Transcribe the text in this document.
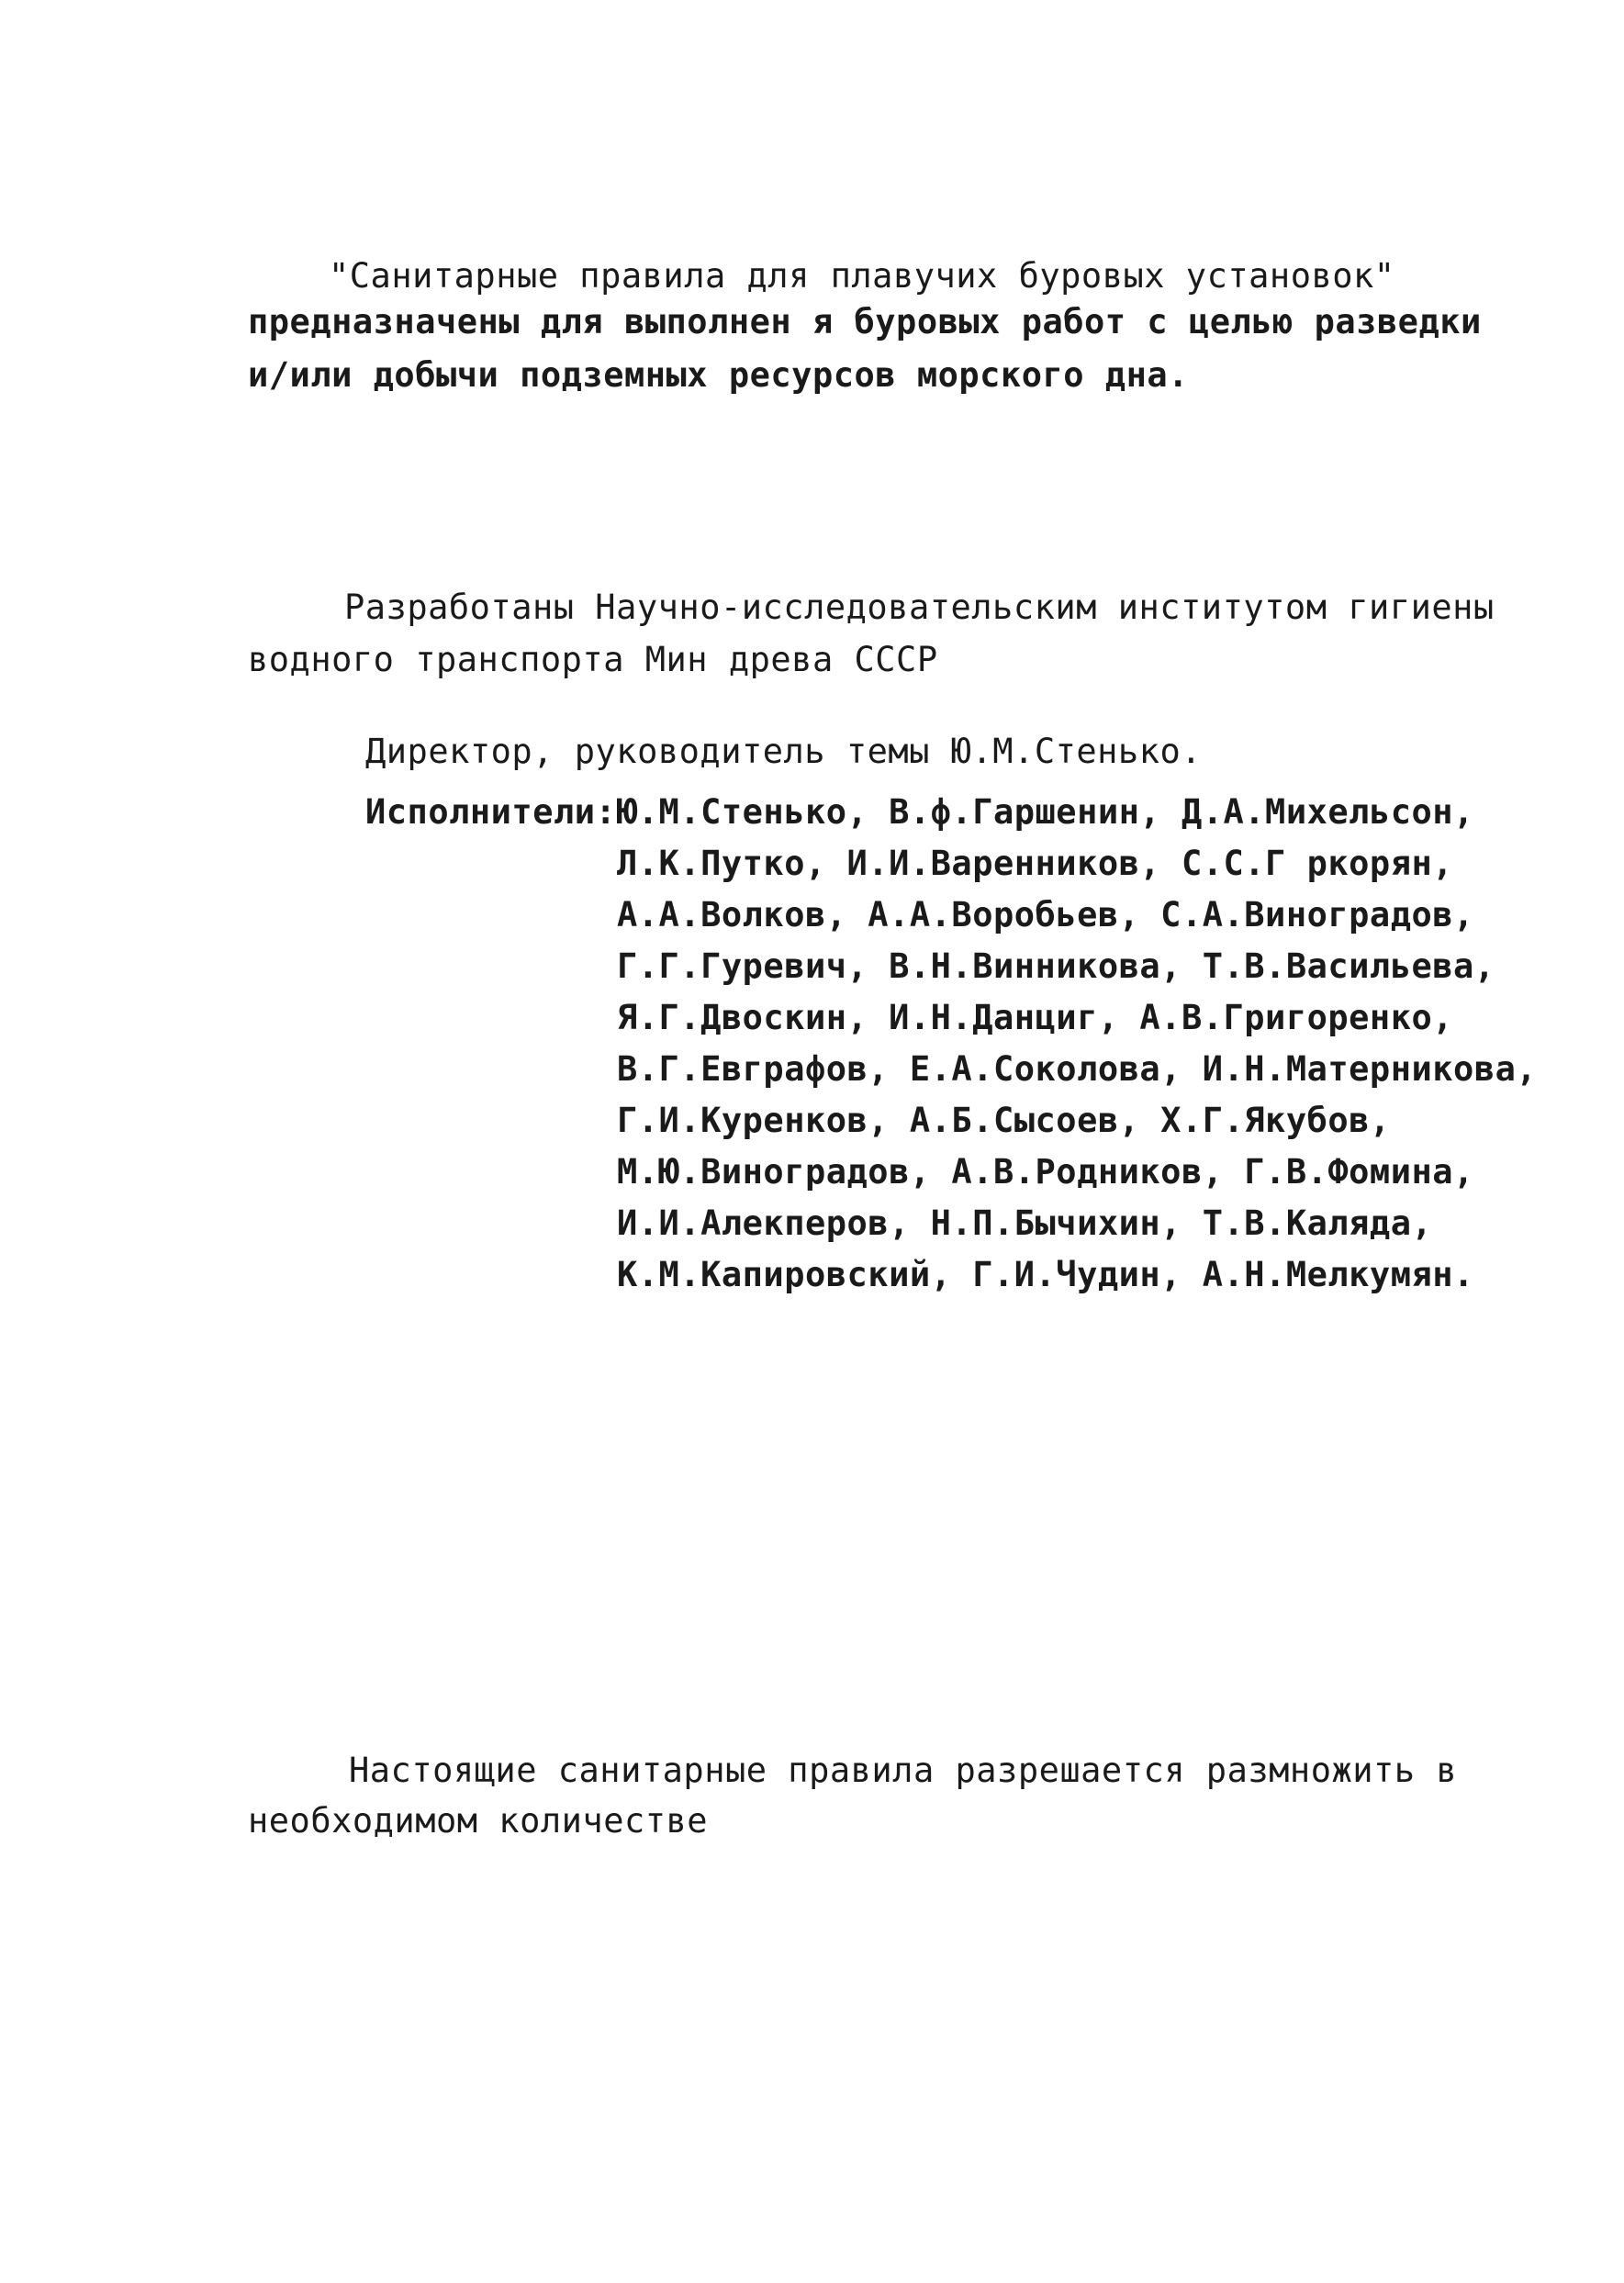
"Санитарные правила для плавучих буровых установок"
предназначены для выполнен я буровых работ с целью разведки
и/или добычи подземных ресурсов морского дна.
Разработаны Научно-исследовательским институтом гигиены
водного транспорта Мин древа СССР
Директор, руководитель темы Ю.М.Стенько.
Исполнители: Ю.М.Стенько, В.ф.Гаршенин, Д.А.Михельсон,
Л.К.Путко, И.И.Варенников, С.С.Г ркорян,
А.А.Волков, А.А.Воробьев, С.А.Виноградов,
Г.Г.Гуревич, В.Н.Винникова, Т.В.Васильева,
Я.Г.Двоскин, И.Н.Данциг, А.В.Григоренко,
В.Г.Евграфов, Е.А.Соколова, И.Н.Матерникова,
Г.И.Куренков, А.Б.Сысоев, Х.Г.Якубов,
М.Ю.Виноградов, А.В.Родников, Г.В.Фомина,
И.И.Алекперов, Н.П.Бычихин, Т.В.Каляда,
К.М.Капировский, Г.И.Чудин, А.Н.Мелкумян.
Настоящие санитарные правила разрешается размножить в
необходимом количестве
